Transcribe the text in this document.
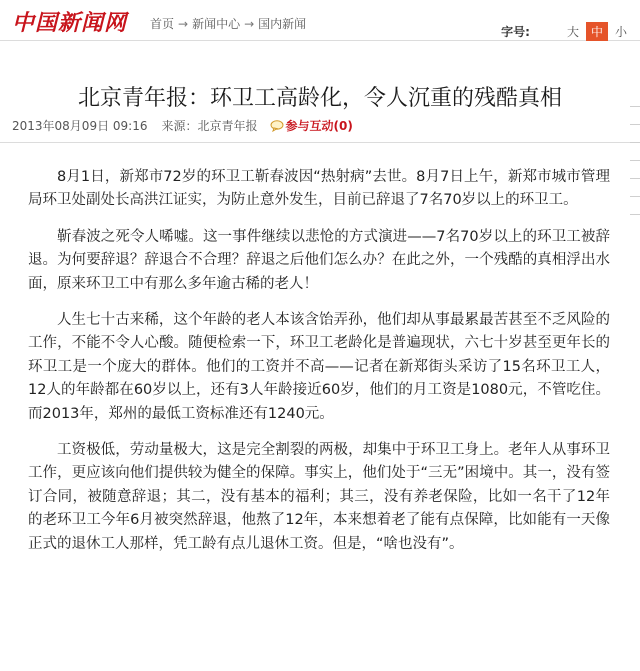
中国新闻网 首页 → 新闻中心 → 国内新闻
字号:	大	中	小
北京青年报：环卫工高龄化，令人沉重的残酷真相
2013年08月09日 09:16 来源：北京青年报 参与互动(0)

8月1日，新郑市72岁的环卫工靳春波因“热射病”去世。8月7日上午，新郑市城市管理局环卫处副处长高洪江证实，为防止意外发生，目前已辞退了7名70岁以上的环卫工。

靳春波之死令人唏嘘。这一事件继续以悲怆的方式演进——7名70岁以上的环卫工被辞退。为何要辞退？辞退合不合理？辞退之后他们怎么办？在此之外，一个残酷的真相浮出水面，原来环卫工中有那么多年逾古稀的老人！

人生七十古来稀，这个年龄的老人本该含饴弄孙，他们却从事最累最苦甚至不乏风险的工作，不能不令人心酸。随便检索一下，环卫工老龄化是普遍现状，六七十岁甚至更年长的环卫工是一个庞大的群体。他们的工资并不高——记者在新郑街头采访了15名环卫工人，12人的年龄都在60岁以上，还有3人年龄接近60岁，他们的月工资是1080元，不管吃住。而2013年，郑州的最低工资标准还有1240元。

工资极低，劳动量极大，这是完全割裂的两极，却集中于环卫工身上。老年人从事环卫工作，更应该向他们提供较为健全的保障。事实上，他们处于“三无”困境中。其一，没有签订合同，被随意辞退；其二，没有基本的福利；其三，没有养老保险，比如一名干了12年的老环卫工今年6月被突然辞退，他熬了12年，本来想着老了能有点保障，比如能有一天像正式的退休工人那样，凭工龄有点儿退休工资。但是，“啥也没有”。
